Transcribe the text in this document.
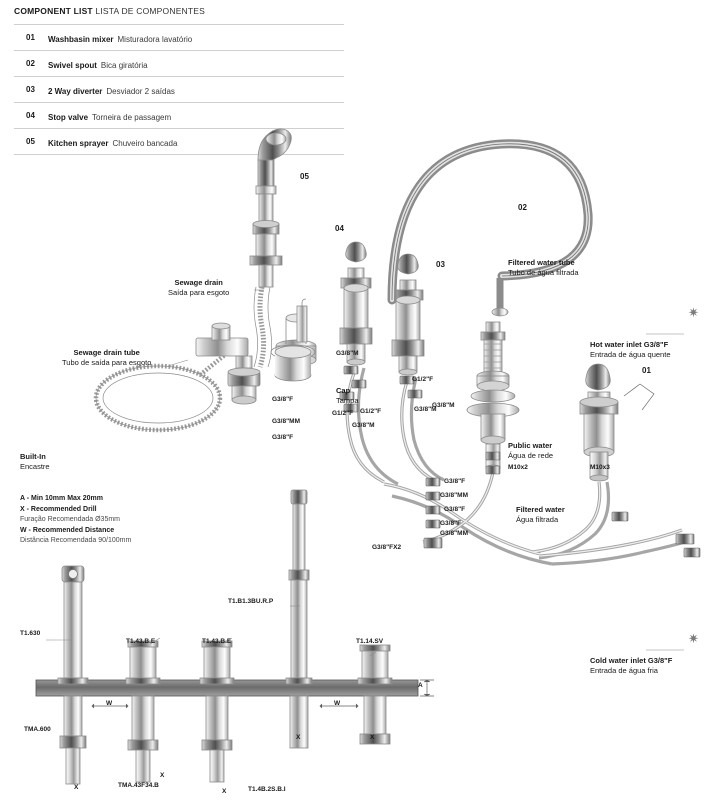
COMPONENT LIST LISTA DE COMPONENTES
01	Washbasin mixer Misturadora lavatório
02	Swivel spout Bica giratória
03	2 Way diverter Desviador 2 saídas
04	Stop valve Torneira de passagem
05	Kitchen sprayer Chuveiro bancada
05
04
03
02
01
Sewage drain
Saída para esgoto
Sewage drain tube
Tubo de saída para esgoto
Filtered water tube
Tubo de água filtrada
Hot water inlet G3/8"F
Entrada de água quente
Cold water inlet G3/8"F
Entrada de água fria
✷
✷
Public water
Água de rede
Filtered water
Água filtrada
Cap
Tampa
Built-In
Encastre
A - Min 10mm Max 20mm
X - Recommended Drill
Furação Recomendada Ø35mm
W - Recommended Distance
Distância Recomendada 90/100mm
G3/8"M
G1/2"F
G1/2"F
G3/8"M
G1/2"F
G3/8"M
G3/8"M
G3/8"F
G3/8"MM
G3/8"F
G3/8"F
G3/8"MM
G3/8"F
G3/8"F
G3/8"MM
G3/8"FX2
M10x3
M10x2
T1.630
T1.43.B.E	T1.43.B.E
T1.B1.3BU.R.P
T1.14.SV
TMA.600
TMA.43F34.B
T1.4B.2S.B.I
A
W	W
X
X
X
X	X
